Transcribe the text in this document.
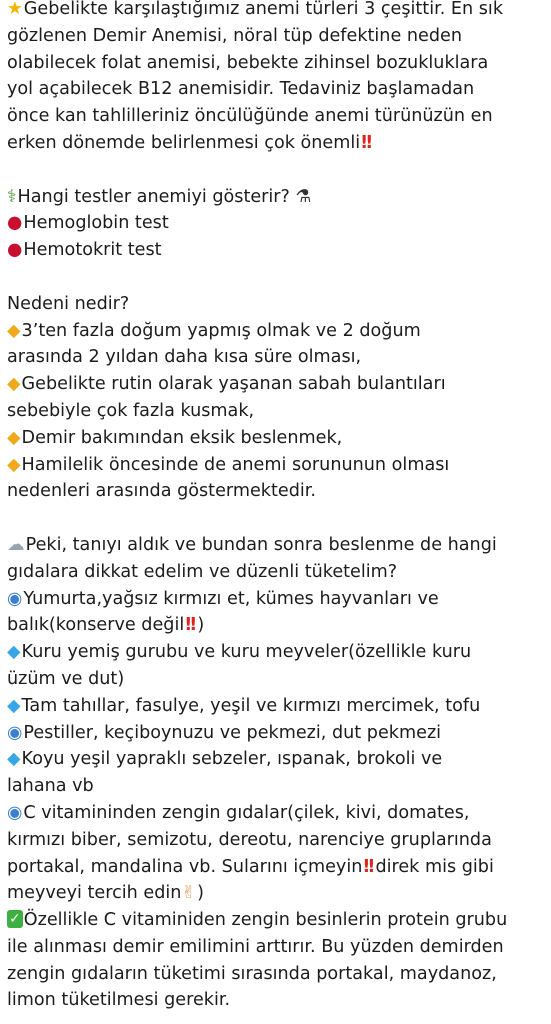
★Gebelikte karşılaştığımız anemi türleri 3 çeşittir. En sık
gözlenen Demir Anemisi, nöral tüp defektine neden
olabilecek folat anemisi, bebekte zihinsel bozukluklara
yol açabilecek B12 anemisidir. Tedaviniz başlamadan
önce kan tahlilleriniz öncülüğünde anemi türünüzün en
erken dönemde belirlenmesi çok önemli!!

⚕Hangi testler anemiyi gösterir? ⚗
●Hemoglobin test
●Hemotokrit test

Nedeni nedir?
◆3’ten fazla doğum yapmış olmak ve 2 doğum
arasında 2 yıldan daha kısa süre olması,
◆Gebelikte rutin olarak yaşanan sabah bulantıları
sebebiyle çok fazla kusmak,
◆Demir bakımından eksik beslenmek,
◆Hamilelik öncesinde de anemi sorununun olması
nedenleri arasında göstermektedir.

☁Peki, tanıyı aldık ve bundan sonra beslenme de hangi
gıdalara dikkat edelim ve düzenli tüketelim?
◉Yumurta,yağsız kırmızı et, kümes hayvanları ve
balık(konserve değil!! )
◆Kuru yemiş gurubu ve kuru meyveler(özellikle kuru
üzüm ve dut)
◆Tam tahıllar, fasulye, yeşil ve kırmızı mercimek, tofu
◉Pestiller, keçiboynuzu ve pekmezi, dut pekmezi
◆Koyu yeşil yapraklı sebzeler, ıspanak, brokoli ve
lahana vb
◉C vitamininden zengin gıdalar(çilek, kivi, domates,
kırmızı biber, semizotu, dereotu, narenciye gruplarında
portakal, mandalina vb. Sularını içmeyin!! direk mis gibi
meyveyi tercih edin✌)
✓ Özellikle C vitaminiden zengin besinlerin protein grubu
ile alınması demir emilimini arttırır. Bu yüzden demirden
zengin gıdaların tüketimi sırasında portakal, maydanoz,
limon tüketilmesi gerekir.
